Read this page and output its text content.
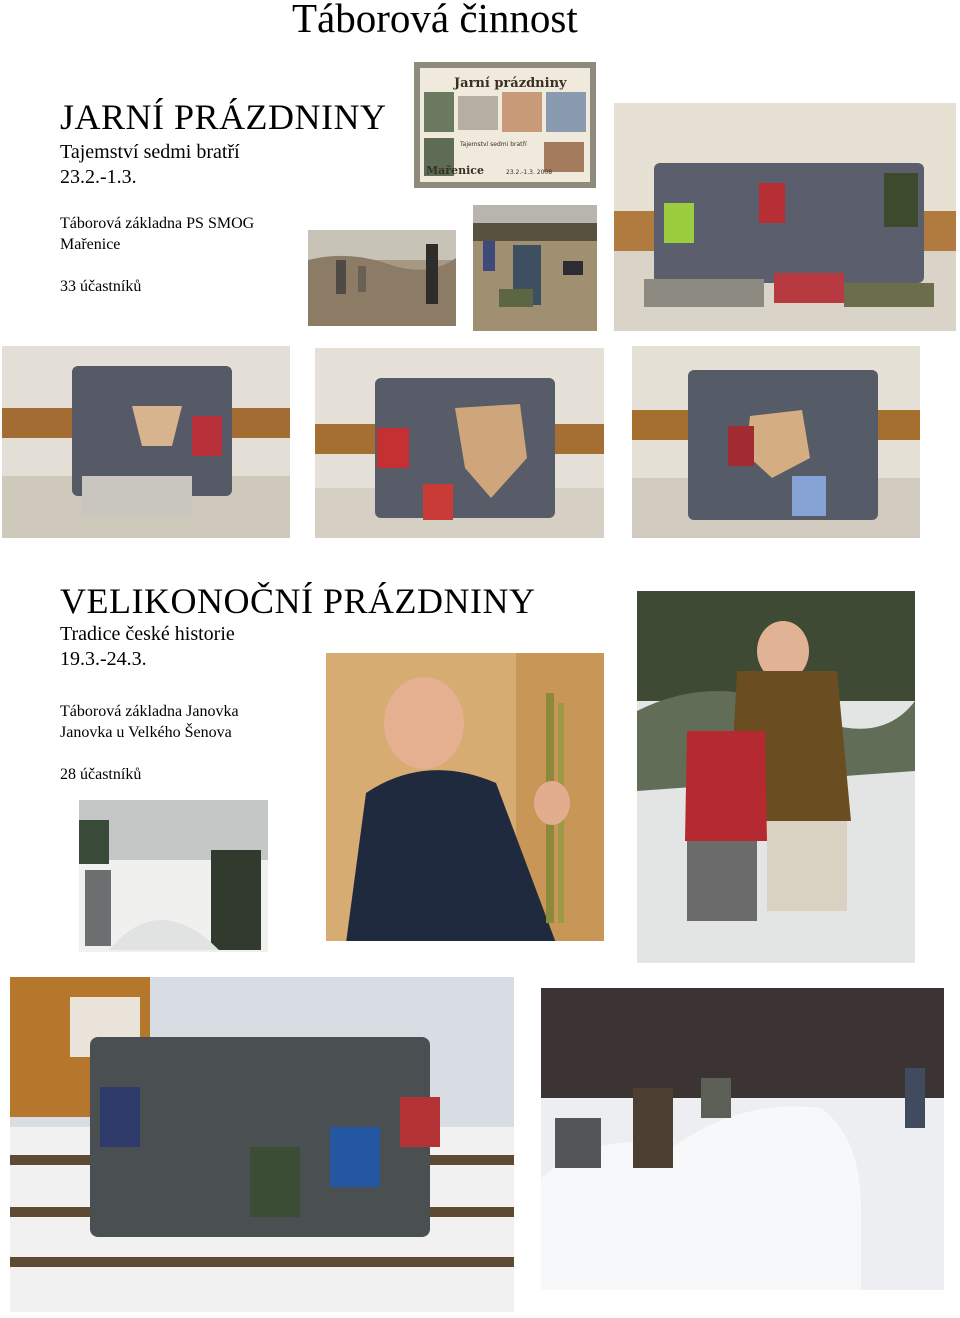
Táborová činnost
JARNÍ PRÁZDNINY
Tajemství sedmi bratří
23.2.-1.3.
Táborová základna PS SMOG
Mařenice
33 účastníků
Jarní prázdniny
Tajemství sedmi bratří
Mařenice	23.2.-1.3. 2008
VELIKONOČNÍ PRÁZDNINY
Tradice české historie
19.3.-24.3.
Táborová základna Janovka
Janovka u Velkého Šenova
28 účastníků
